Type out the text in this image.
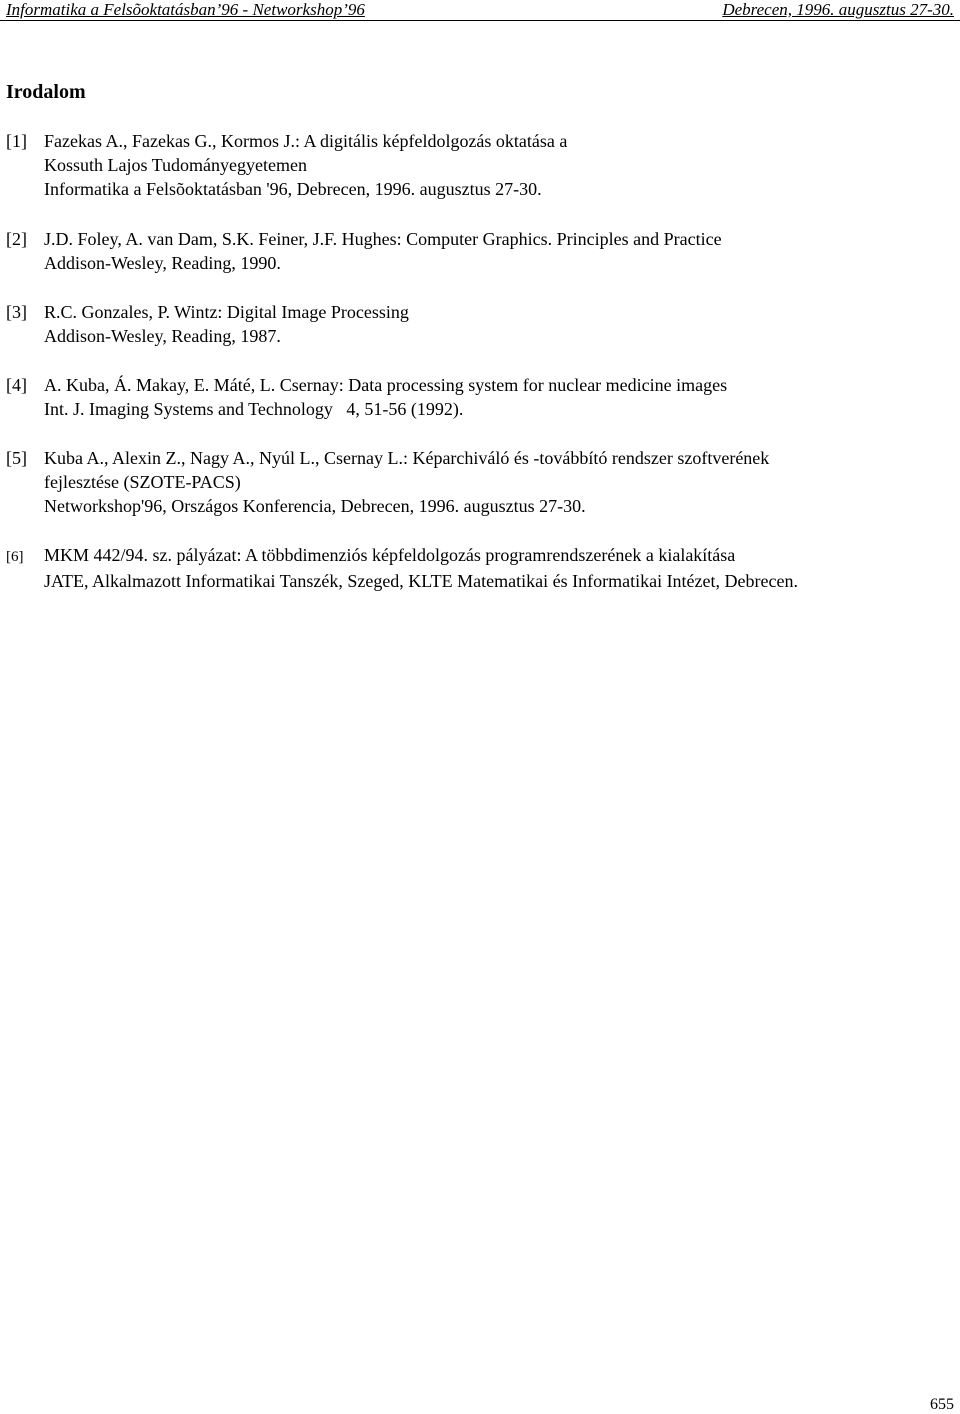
Informatika a Felsõoktatásban’96 - Networkshop’96	Debrecen, 1996. augusztus 27-30.
Irodalom
[1] Fazekas A., Fazekas G., Kormos J.: A digitális képfeldolgozás oktatása a
Kossuth Lajos Tudományegyetemen
Informatika a Felsõoktatásban '96, Debrecen, 1996. augusztus 27-30.
[2] J.D. Foley, A. van Dam, S.K. Feiner, J.F. Hughes: Computer Graphics. Principles and Practice
Addison-Wesley, Reading, 1990.
[3] R.C. Gonzales, P. Wintz: Digital Image Processing
Addison-Wesley, Reading, 1987.
[4] A. Kuba, Á. Makay, E. Máté, L. Csernay: Data processing system for nuclear medicine images
Int. J. Imaging Systems and Technology   4, 51-56 (1992).
[5] Kuba A., Alexin Z., Nagy A., Nyúl L., Csernay L.: Képarchiváló és -továbbító rendszer szoftverének
fejlesztése (SZOTE-PACS)
Networkshop'96, Országos Konferencia, Debrecen, 1996. augusztus 27-30.
[6] MKM 442/94. sz. pályázat: A többdimenziós képfeldolgozás programrendszerének a kialakítása
JATE, Alkalmazott Informatikai Tanszék, Szeged, KLTE Matematikai és Informatikai Intézet, Debrecen.
655
